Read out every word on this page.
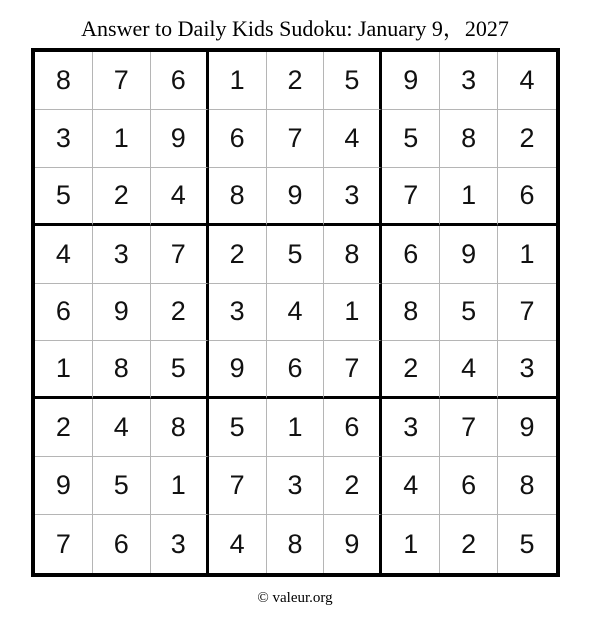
Answer to Daily Kids Sudoku: January 9，2027
8	7	6	1	2	5	9	3	4
3	1	9	6	7	4	5	8	2
5	2	4	8	9	3	7	1	6
4	3	7	2	5	8	6	9	1
6	9	2	3	4	1	8	5	7
1	8	5	9	6	7	2	4	3
2	4	8	5	1	6	3	7	9
9	5	1	7	3	2	4	6	8
7	6	3	4	8	9	1	2	5
© valeur.org
